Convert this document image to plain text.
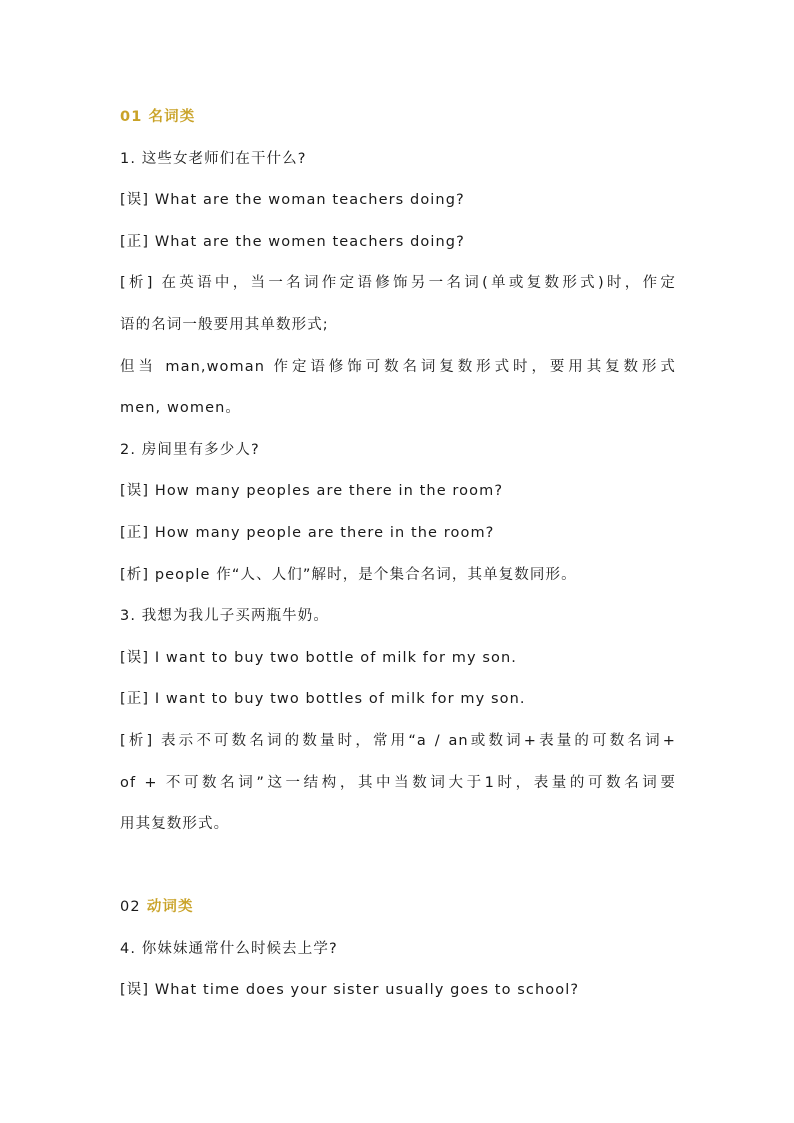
01 名词类
1. 这些女老师们在干什么?
[误] What are the woman teachers doing?
[正] What are the women teachers doing?
[析] 在英语中，当一名词作定语修饰另一名词(单或复数形式)时，作定
语的名词一般要用其单数形式;
但当 man,woman 作定语修饰可数名词复数形式时，要用其复数形式
men, women。
2. 房间里有多少人?
[误] How many peoples are there in the room?
[正] How many people are there in the room?
[析] people 作“人、人们”解时，是个集合名词，其单复数同形。
3. 我想为我儿子买两瓶牛奶。
[误] I want to buy two bottle of milk for my son.
[正] I want to buy two bottles of milk for my son.
[析] 表示不可数名词的数量时，常用“a / an或数词+表量的可数名词+
of + 不可数名词”这一结构，其中当数词大于1时，表量的可数名词要
用其复数形式。
02 动词类
4. 你妹妹通常什么时候去上学?
[误] What time does your sister usually goes to school?
